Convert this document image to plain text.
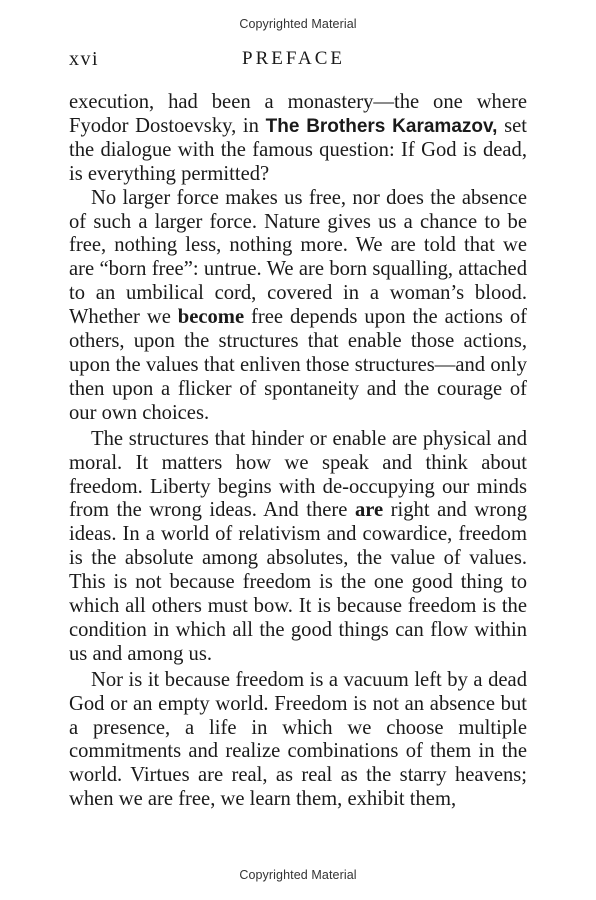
Copyrighted Material
xvi	PREFACE

execution, had been a monastery—the one where Fyodor Dostoevsky, in The Brothers Karamazov, set the dialogue with the famous question: If God is dead, is everything permitted?

No larger force makes us free, nor does the absence of such a larger force. Nature gives us a chance to be free, nothing less, nothing more. We are told that we are “born free”: untrue. We are born squalling, attached to an umbilical cord, covered in a woman’s blood. Whether we become free depends upon the actions of others, upon the structures that enable those actions, upon the values that enliven those structures—and only then upon a flicker of spontaneity and the courage of our own choices.

The structures that hinder or enable are physical and moral. It matters how we speak and think about freedom. Liberty begins with de-occupying our minds from the wrong ideas. And there are right and wrong ideas. In a world of relativism and cowardice, freedom is the absolute among absolutes, the value of values. This is not because freedom is the one good thing to which all others must bow. It is because freedom is the condition in which all the good things can flow within us and among us.

Nor is it because freedom is a vacuum left by a dead God or an empty world. Freedom is not an absence but a presence, a life in which we choose multiple commitments and realize combinations of them in the world. Virtues are real, as real as the starry heavens; when we are free, we learn them, exhibit them,

Copyrighted Material
